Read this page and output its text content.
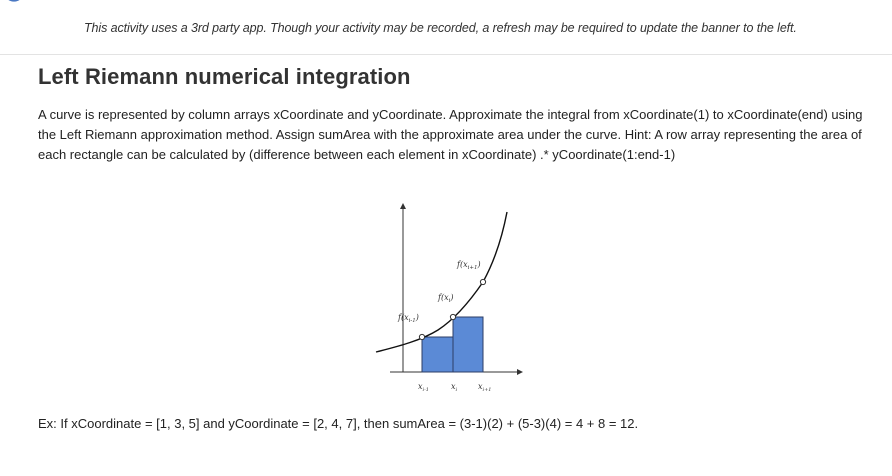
This activity uses a 3rd party app. Though your activity may be recorded, a refresh may be required to update the banner to the left.
Left Riemann numerical integration
A curve is represented by column arrays xCoordinate and yCoordinate. Approximate the integral from xCoordinate(1) to xCoordinate(end) using the Left Riemann approximation method. Assign sumArea with the approximate area under the curve. Hint: A row array representing the area of each rectangle can be calculated by (difference between each element in xCoordinate) .* yCoordinate(1:end-1)
$f(x_{i-1})$
$f(x_i)$
$f(x_{i+1})$
$x_{i-1}$	$x_i$	$x_{i+1}$
Ex: If xCoordinate = [1, 3, 5] and yCoordinate = [2, 4, 7], then sumArea = (3-1)(2) + (5-3)(4) = 4 + 8 = 12.
